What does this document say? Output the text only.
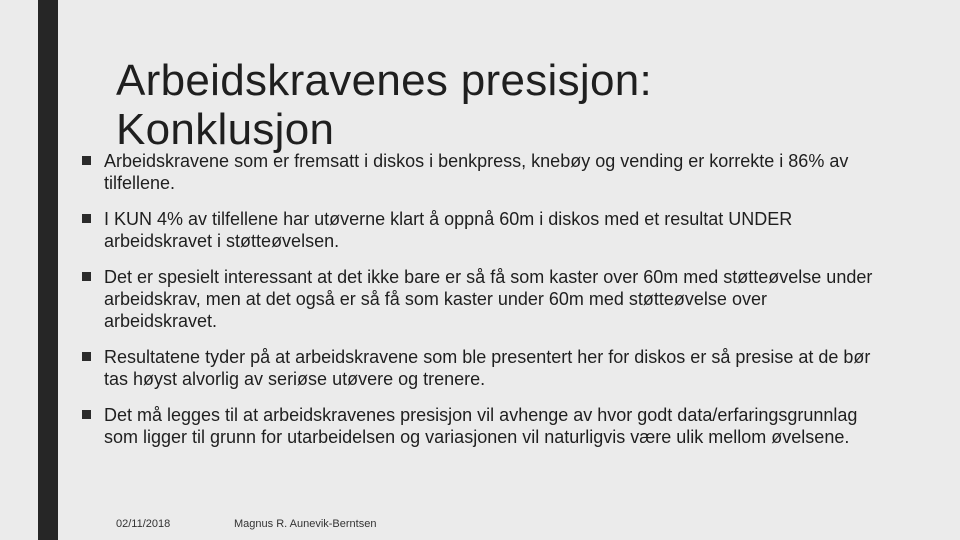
Arbeidskravenes presisjon:
Konklusjon
Arbeidskravene som er fremsatt i diskos i benkpress, knebøy og vending er korrekte i 86% av tilfellene.
I KUN 4% av tilfellene har utøverne klart å oppnå 60m i diskos med et resultat UNDER arbeidskravet i støtteøvelsen.
Det er spesielt interessant at det ikke bare er så få som kaster over 60m med støtteøvelse under arbeidskrav, men at det også er så få som kaster under 60m med støtteøvelse over arbeidskravet.
Resultatene tyder på at arbeidskravene som ble presentert her for diskos er så presise at de bør tas høyst alvorlig av seriøse utøvere og trenere.
Det må legges til at arbeidskravenes presisjon vil avhenge av hvor godt data/erfaringsgrunnlag som ligger til grunn for utarbeidelsen og variasjonen vil naturligvis være ulik mellom øvelsene.
02/11/2018	Magnus R. Aunevik-Berntsen
